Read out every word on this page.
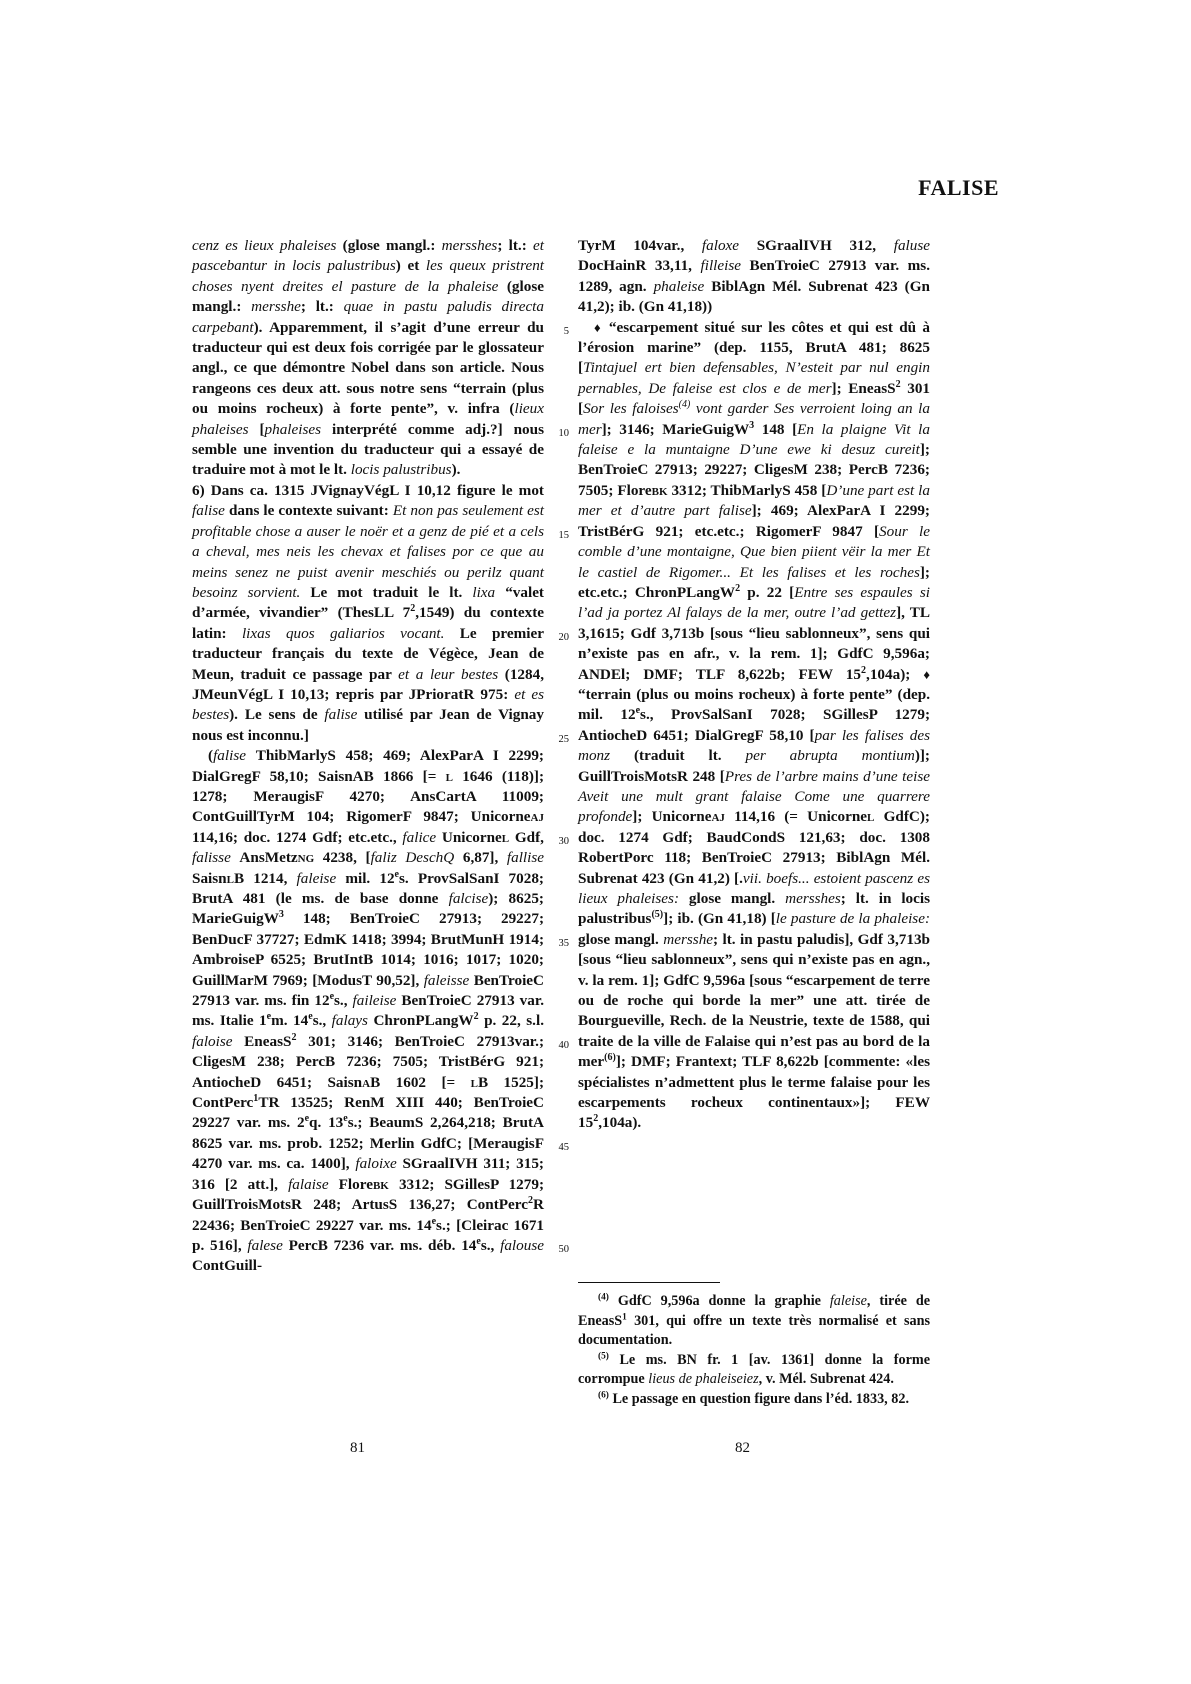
FALISE
5
10
15
20
25
30
35
40
45
50

cenz es lieux phaleises (glose mangl.: mersshes; lt.: et pascebantur in locis palustribus) et les queux pristrent choses nyent dreites el pasture de la phaleise (glose mangl.: mersshe; lt.: quae in pastu paludis directa carpebant). Apparemment, il s’agit d’une erreur du traducteur qui est deux fois corrigée par le glossateur angl., ce que démontre Nobel dans son article. Nous rangeons ces deux att. sous notre sens “terrain (plus ou moins rocheux) à forte pente”, v. infra (lieux phaleises [phaleises interprété comme adj.?] nous semble une invention du traducteur qui a essayé de traduire mot à mot le lt. locis palustribus).

6) Dans ca. 1315 JVignayVégL I 10,12 figure le mot falise dans le contexte suivant: Et non pas seulement est profitable chose a auser le noër et a genz de pié et a cels a cheval, mes neis les chevax et falises por ce que au meins senez ne puist avenir meschiés ou perilz quant besoinz sorvient. Le mot traduit le lt. lixa “valet d’armée, vivandier” (ThesLL $7^2,1549$) du contexte latin: lixas quos galiarios vocant. Le premier traducteur français du texte de Végèce, Jean de Meun, traduit ce passage par et a leur bestes (1284, JMeunVégL I 10,13; repris par JPrioratR 975: et es bestes). Le sens de falise utilisé par Jean de Vignay nous est inconnu.]

(falise ThibMarlyS 458; 469; AlexParA I 2299; DialGregF 58,10; SaisnAB 1866 [= l 1646 (118)]; 1278; MeraugisF 4270; AnsCartA 11009; ContGuillTyrM 104; RigomerF 9847; Unicorneaj 114,16; doc. 1274 Gdf; etc.etc., falice Unicornel Gdf, falisse AnsMetzng 4238, [faliz DeschQ 6,87], fallise SaisnlB 1214, faleise mil. 12es. ProvSalSanI 7028; BrutA 481 (le ms. de base donne falcise); 8625; MarieGuigW$^3$ 148; BenTroieC 27913; 29227; BenDucF 37727; EdmK 1418; 3994; BrutMunH 1914; AmbroiseP 6525; BrutIntB 1014; 1016; 1017; 1020; GuillMarM 7969; [ModusT 90,52], faleisse BenTroieC 27913 var. ms. fin 12es., faileise BenTroieC 27913 var. ms. Italie 1em. 14es., falays ChronPLangW$^2$ p. 22, s.l. faloise EneasS$^2$ 301; 3146; BenTroieC 27913var.; CligesM 238; PercB 7236; 7505; TristBérG 921; AntiocheD 6451; SaisnaB 1602 [= lB 1525]; ContPerc$^1$TR 13525; RenM XIII 440; BenTroieC 29227 var. ms. 2eq. 13es.; BeaumS 2,264,218; BrutA 8625 var. ms. prob. 1252; Merlin GdfC; [MeraugisF 4270 var. ms. ca. 1400], faloixe SGraalIVH 311; 315; 316 [2 att.], falaise Florebk 3312; SGillesP 1279; GuillTroisMotsR 248; ArtusS 136,27; ContPerc$^2$R 22436; BenTroieC 29227 var. ms. 14es.; [Cleirac 1671 p. 516], falese PercB 7236 var. ms. déb. 14es., falouse ContGuill-

TyrM 104var., faloxe SGraalIVH 312, faluse DocHainR 33,11, filleise BenTroieC 27913 var. ms. 1289, agn. phaleise BiblAgn Mél. Subrenat 423 (Gn 41,2); ib. (Gn 41,18))

♦ “escarpement situé sur les côtes et qui est dû à l’érosion marine” (dep. 1155, BrutA 481; 8625 [Tintajuel ert bien defensables, N’esteit par nul engin pernables, De faleise est clos e de mer]; EneasS$^2$ 301 [Sor les faloises$^{(4)}$ vont garder Ses verroient loing an la mer]; 3146; MarieGuigW$^3$ 148 [En la plaigne Vit la faleise e la muntaigne D’une ewe ki desuz cureit]; BenTroieC 27913; 29227; CligesM 238; PercB 7236; 7505; Florebk 3312; ThibMarlyS 458 [D’une part est la mer et d’autre part falise]; 469; AlexParA I 2299; TristBérG 921; etc.etc.; RigomerF 9847 [Sour le comble d’une montaigne, Que bien piient vëir la mer Et le castiel de Rigomer... Et les falises et les roches]; etc.etc.; ChronPLangW$^2$ p. 22 [Entre ses espaules si l’ad ja portez Al falays de la mer, outre l’ad gettez], TL 3,1615; Gdf 3,713b [sous “lieu sablonneux”, sens qui n’existe pas en afr., v. la rem. 1]; GdfC 9,596a; ANDEl; DMF; TLF 8,622b; FEW $15^2,104a$); ♦ “terrain (plus ou moins rocheux) à forte pente” (dep. mil. 12es., ProvSalSanI 7028; SGillesP 1279; AntiocheD 6451; DialGregF 58,10 [par les falises des monz (traduit lt. per abrupta montium)]; GuillTroisMotsR 248 [Pres de l’arbre mains d’une teise Aveit une mult grant falaise Come une quarrere profonde]; Unicorneaj 114,16 (= Unicornel GdfC); doc. 1274 Gdf; BaudCondS 121,63; doc. 1308 RobertPorc 118; BenTroieC 27913; BiblAgn Mél. Subrenat 423 (Gn 41,2) [.vii. boefs... estoient pascenz es lieux phaleises: glose mangl. mersshes; lt. in locis palustribus$^{(5)}$]; ib. (Gn 41,18) [le pasture de la phaleise: glose mangl. mersshe; lt. in pastu paludis], Gdf 3,713b [sous “lieu sablonneux”, sens qui n’existe pas en agn., v. la rem. 1]; GdfC 9,596a [sous “escarpement de terre ou de roche qui borde la mer” une att. tirée de Bourgueville, Rech. de la Neustrie, texte de 1588, qui traite de la ville de Falaise qui n’est pas au bord de la mer$^{(6)}$]; DMF; Frantext; TLF 8,622b [commente: «les spécialistes n’admettent plus le terme falaise pour les escarpements rocheux continentaux»]; FEW $15^2,104a$).

$^{(4)}$ GdfC 9,596a donne la graphie faleise, tirée de EneasS$^1$ 301, qui offre un texte très normalisé et sans documentation.

$^{(5)}$ Le ms. BN fr. 1 [av. 1361] donne la forme corrompue lieus de phaleiseiez, v. Mél. Subrenat 424.

$^{(6)}$ Le passage en question figure dans l’éd. 1833, 82.

81	82
